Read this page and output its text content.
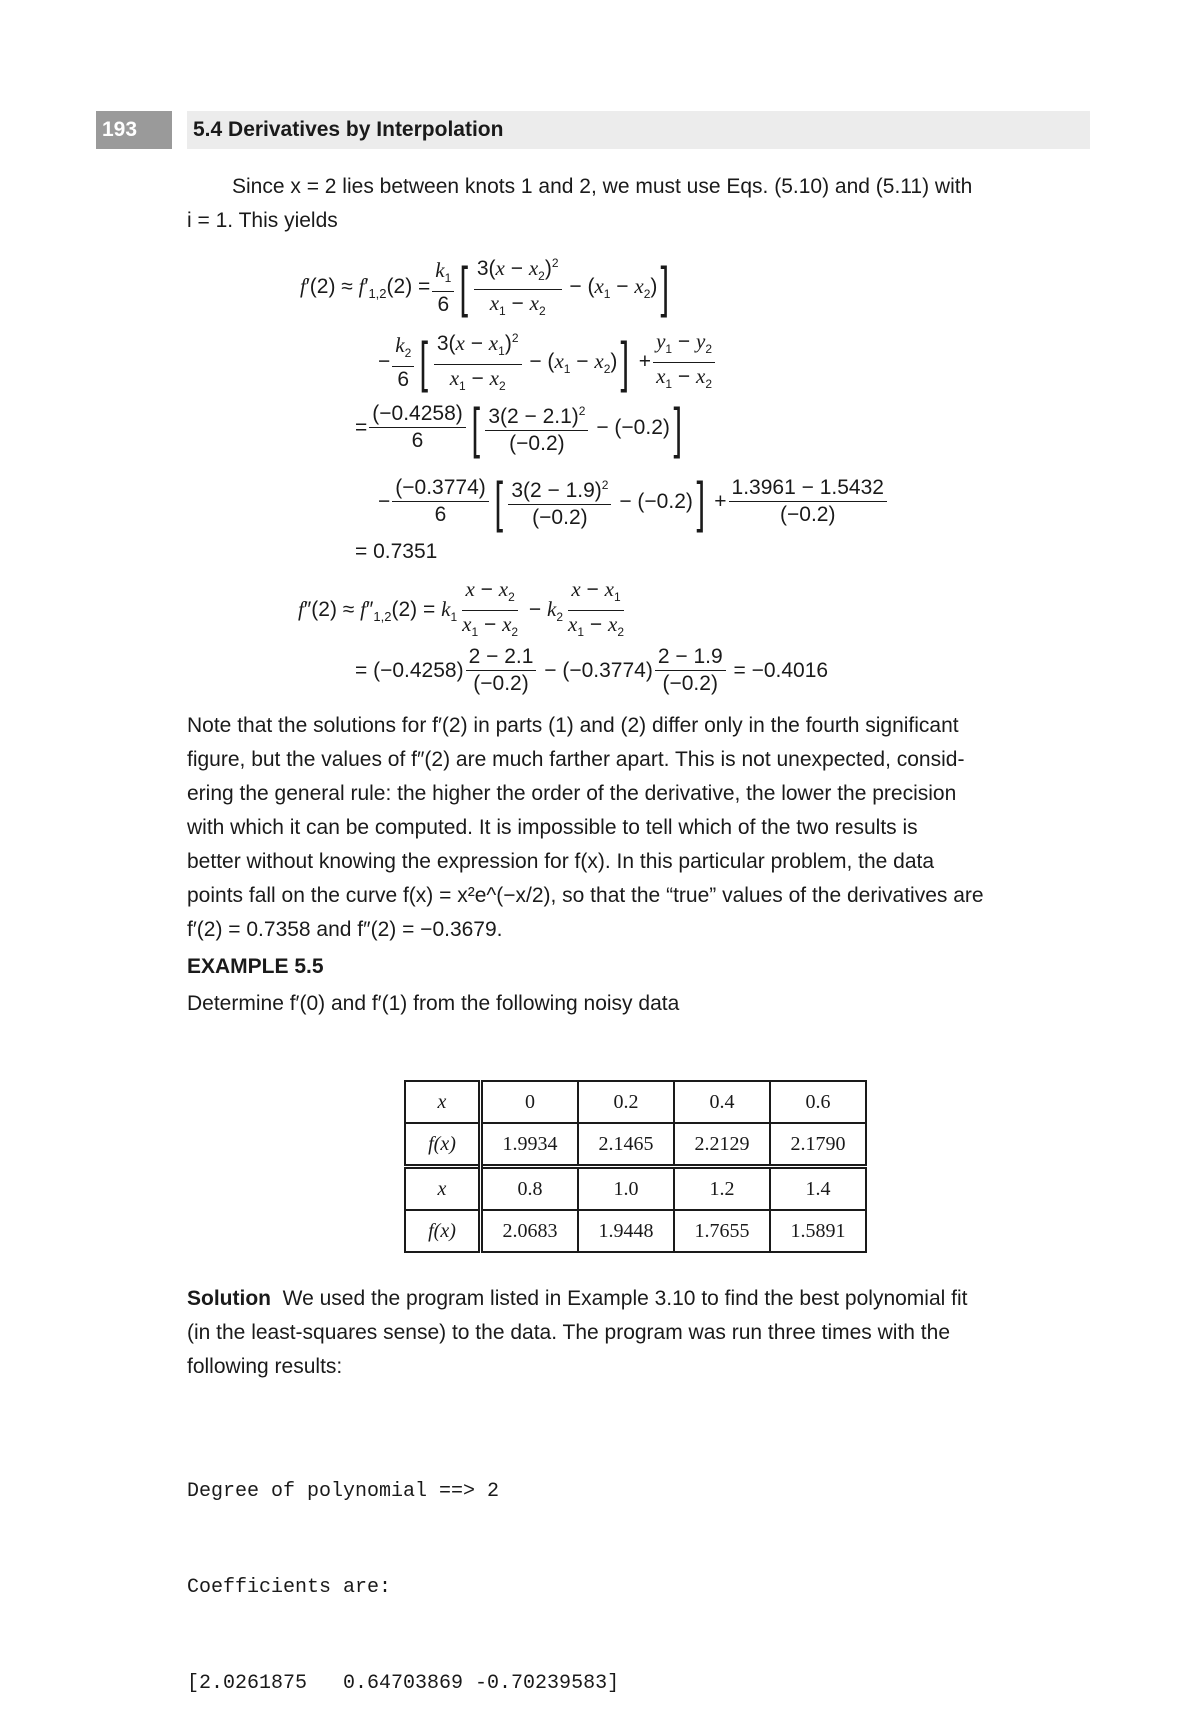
193	5.4 Derivatives by Interpolation
Since x = 2 lies between knots 1 and 2, we must use Eqs. (5.10) and (5.11) with
i = 1. This yields
$f'(2) \approx f'_{1,2}(2) = \frac{k_1}{6}$ [ $\frac{3(x - x_2)^2}{x_1 - x_2} - (x_1 - x_2)$ ]
− $\frac{k_2}{6}$ [ $\frac{3(x - x_1)^2}{x_1 - x_2} - (x_1 - x_2)$ ] + $\frac{y_1 - y_2}{x_1 - x_2}$
= $\frac{(-0.4258)}{6}$ [ $\frac{3(2 - 2.1)^2}{(-0.2)} - (-0.2)$ ]
− $\frac{(-0.3774)}{6}$ [ $\frac{3(2 - 1.9)^2}{(-0.2)} - (-0.2)$ ] + $\frac{1.3961 - 1.5432}{(-0.2)}$
= 0.7351
$f''(2) \approx f''_{1,2}(2) = k_1 \frac{x - x_2}{x_1 - x_2} - k_2 \frac{x - x_1}{x_1 - x_2}$
= $(-0.4258) \frac{2 - 2.1}{(-0.2)} - (-0.3774) \frac{2 - 1.9}{(-0.2)} = -0.4016$
Note that the solutions for f′(2) in parts (1) and (2) differ only in the fourth significant
figure, but the values of f″(2) are much farther apart. This is not unexpected, consid-
ering the general rule: the higher the order of the derivative, the lower the precision
with which it can be computed. It is impossible to tell which of the two results is
better without knowing the expression for f(x). In this particular problem, the data
points fall on the curve f(x) = x²e^(−x/2), so that the “true” values of the derivatives are
f′(2) = 0.7358 and f″(2) = −0.3679.
EXAMPLE 5.5
Determine f′(0) and f′(1) from the following noisy data
x	0	0.2	0.4	0.6
f(x)	1.9934	2.1465	2.2129	2.1790
x	0.8	1.0	1.2	1.4
f(x)	2.0683	1.9448	1.7655	1.5891
Solution We used the program listed in Example 3.10 to find the best polynomial fit
(in the least-squares sense) to the data. The program was run three times with the
following results:

Degree of polynomial ==> 2

Coefficients are:

[2.0261875   0.64703869 -0.70239583]
